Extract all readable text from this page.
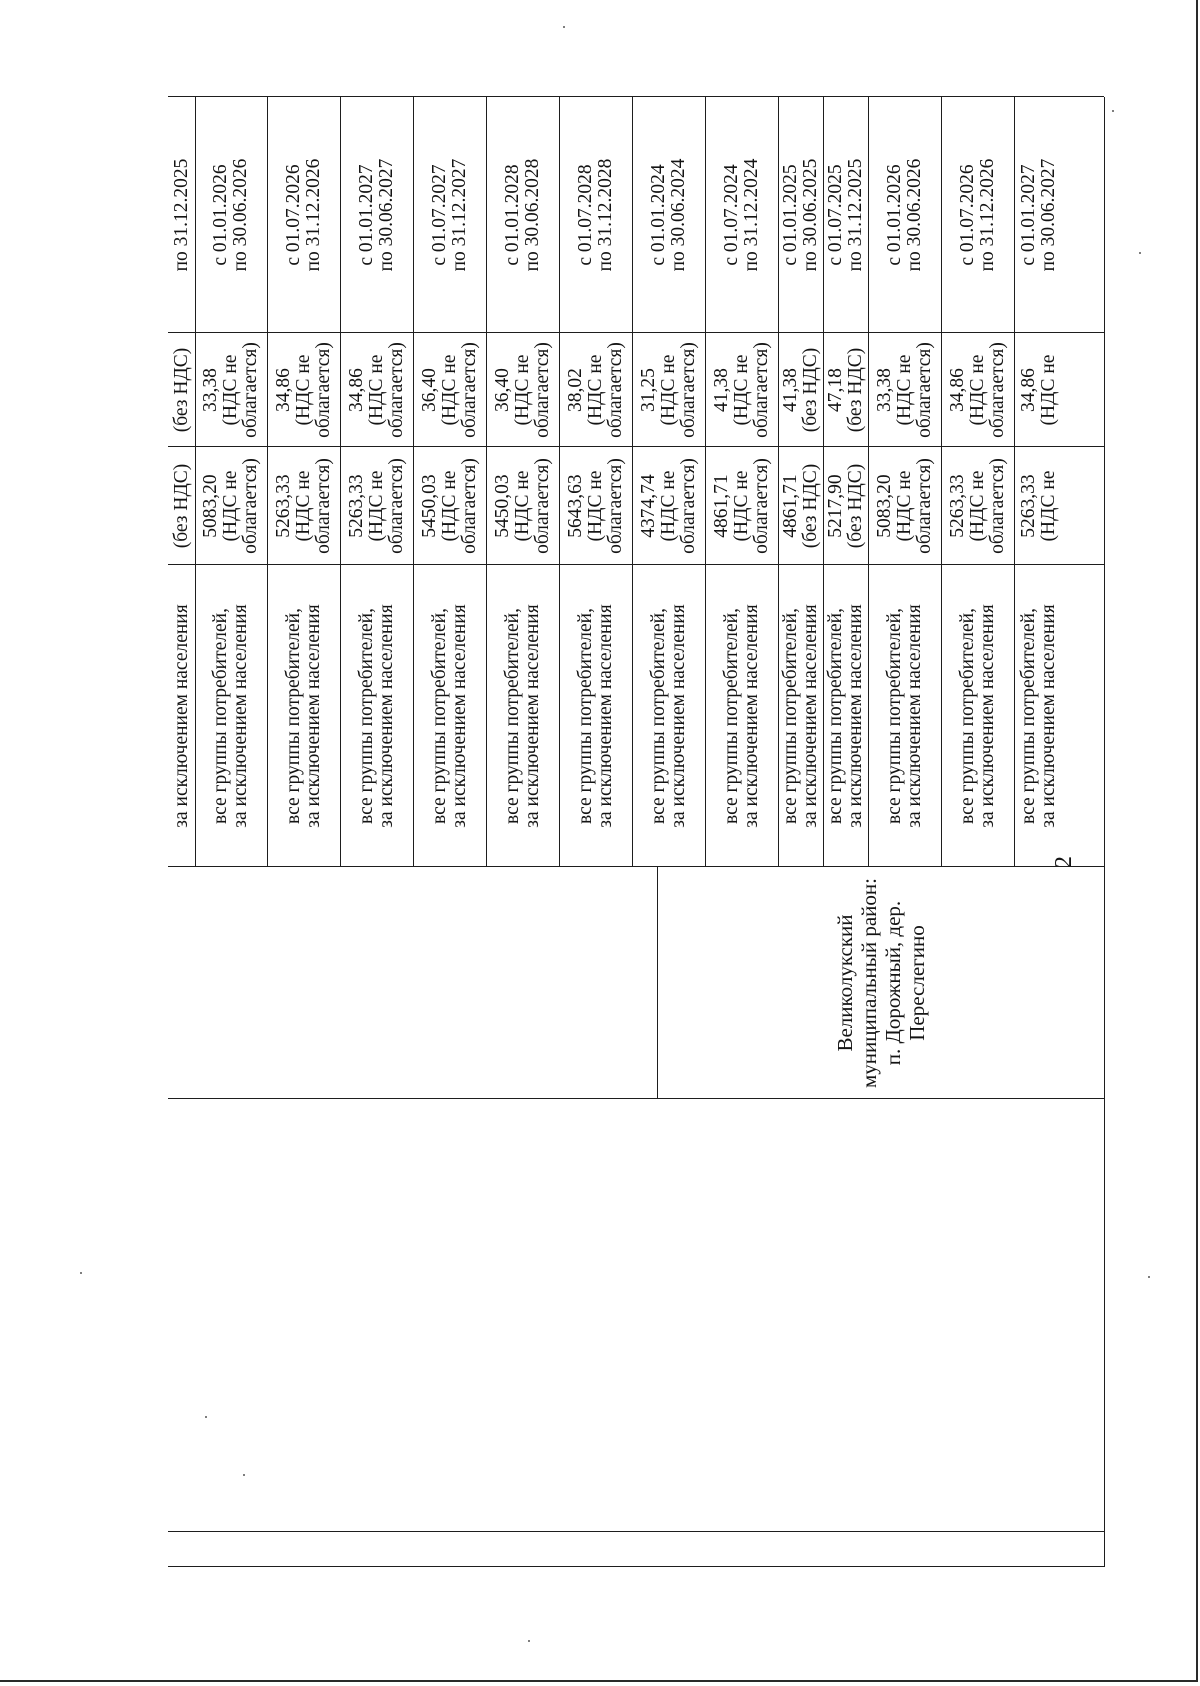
2
Великолукский муниципальный район: п. Дорожный, дер. Переслегино
за исключением населения
(без НДС)
(без НДС)
по 31.12.2025
все группы потребителей,
за исключением населения
5083,20
(НДС не
облагается)
33,38
(НДС не
облагается)
с 01.01.2026
по 30.06.2026
все группы потребителей,
за исключением населения
5263,33
(НДС не
облагается)
34,86
(НДС не
облагается)
с 01.07.2026
по 31.12.2026
все группы потребителей,
за исключением населения
5263,33
(НДС не
облагается)
34,86
(НДС не
облагается)
с 01.01.2027
по 30.06.2027
все группы потребителей,
за исключением населения
5450,03
(НДС не
облагается)
36,40
(НДС не
облагается)
с 01.07.2027
по 31.12.2027
все группы потребителей,
за исключением населения
5450,03
(НДС не
облагается)
36,40
(НДС не
облагается)
с 01.01.2028
по 30.06.2028
все группы потребителей,
за исключением населения
5643,63
(НДС не
облагается)
38,02
(НДС не
облагается)
с 01.07.2028
по 31.12.2028
все группы потребителей,
за исключением населения
4374,74
(НДС не
облагается)
31,25
(НДС не
облагается)
с 01.01.2024
по 30.06.2024
все группы потребителей,
за исключением населения
4861,71
(НДС не
облагается)
41,38
(НДС не
облагается)
с 01.07.2024
по 31.12.2024
все группы потребителей,
за исключением населения
4861,71
(без НДС)
41,38
(без НДС)
с 01.01.2025
по 30.06.2025
все группы потребителей,
за исключением населения
5217,90
(без НДС)
47,18
(без НДС)
с 01.07.2025
по 31.12.2025
все группы потребителей,
за исключением населения
5083,20
(НДС не
облагается)
33,38
(НДС не
облагается)
с 01.01.2026
по 30.06.2026
все группы потребителей,
за исключением населения
5263,33
(НДС не
облагается)
34,86
(НДС не
облагается)
с 01.07.2026
по 31.12.2026
все группы потребителей,
за исключением населения
5263,33
(НДС не
34,86
(НДС не
с 01.01.2027
по 30.06.2027
